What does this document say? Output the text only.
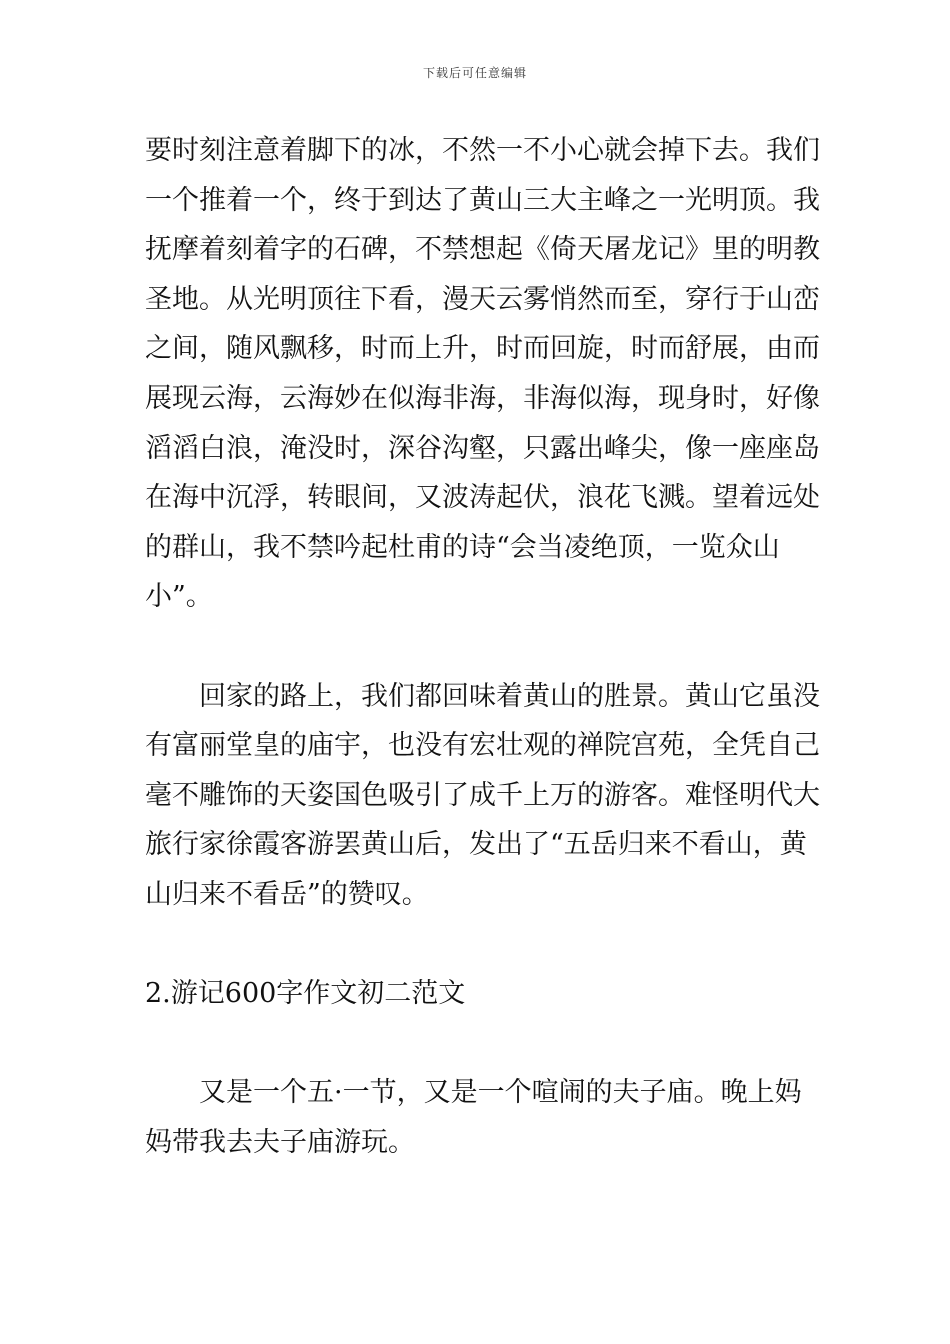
下载后可任意编辑
要时刻注意着脚下的冰，不然一不小心就会掉下去。我们
一个推着一个，终于到达了黄山三大主峰之一光明顶。我
抚摩着刻着字的石碑，不禁想起《倚天屠龙记》里的明教
圣地。从光明顶往下看，漫天云雾悄然而至，穿行于山峦
之间，随风飘移，时而上升，时而回旋，时而舒展，由而
展现云海，云海妙在似海非海，非海似海，现身时，好像
滔滔白浪，淹没时，深谷沟壑，只露出峰尖，像一座座岛
在海中沉浮，转眼间，又波涛起伏，浪花飞溅。望着远处
的群山，我不禁吟起杜甫的诗“会当凌绝顶，一览众山
小”。
回家的路上，我们都回味着黄山的胜景。黄山它虽没
有富丽堂皇的庙宇，也没有宏壮观的禅院宫苑，全凭自己
毫不雕饰的天姿国色吸引了成千上万的游客。难怪明代大
旅行家徐霞客游罢黄山后，发出了“五岳归来不看山，黄
山归来不看岳”的赞叹。
2.游记600字作文初二范文
又是一个五·一节，又是一个喧闹的夫子庙。晚上妈
妈带我去夫子庙游玩。
